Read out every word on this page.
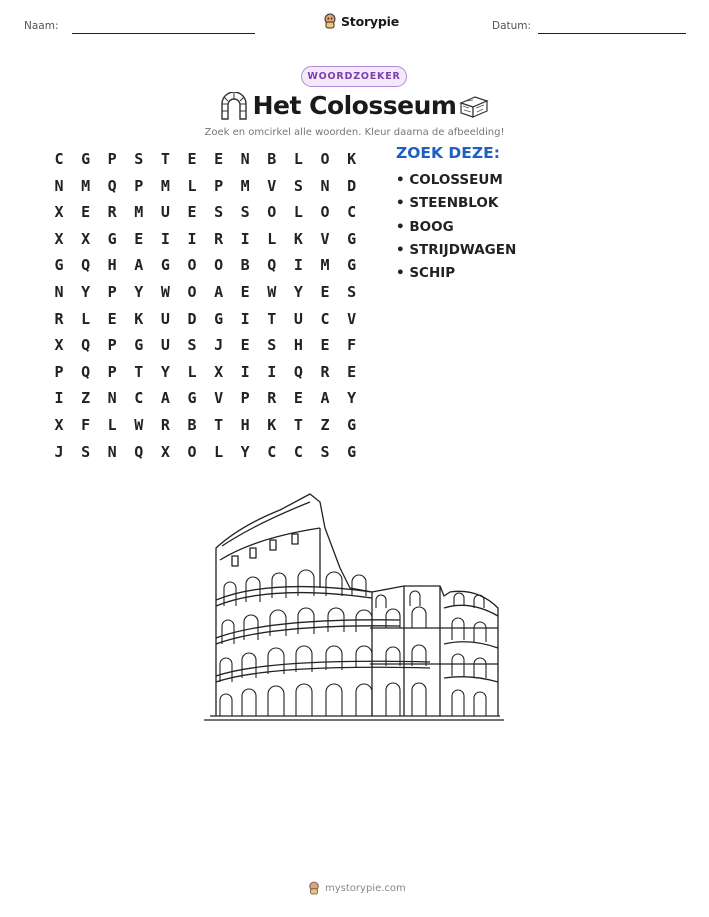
Naam:	Storypie	Datum:
WOORDZOEKER
Het Colosseum
Zoek en omcirkel alle woorden. Kleur daarna de afbeelding!
C	G	P	S	T	E	E	N	B	L	O	K
N	M	Q	P	M	L	P	M	V	S	N	D
X	E	R	M	U	E	S	S	O	L	O	C
X	X	G	E	I	I	R	I	L	K	V	G
G	Q	H	A	G	O	O	B	Q	I	M	G
N	Y	P	Y	W	O	A	E	W	Y	E	S
R	L	E	K	U	D	G	I	T	U	C	V
X	Q	P	G	U	S	J	E	S	H	E	F
P	Q	P	T	Y	L	X	I	I	Q	R	E
I	Z	N	C	A	G	V	P	R	E	A	Y
X	F	L	W	R	B	T	H	K	T	Z	G
J	S	N	Q	X	O	L	Y	C	C	S	G
ZOEK DEZE:
• COLOSSEUM
• STEENBLOK
• BOOG
• STRIJDWAGEN
• SCHIP
mystorypie.com
